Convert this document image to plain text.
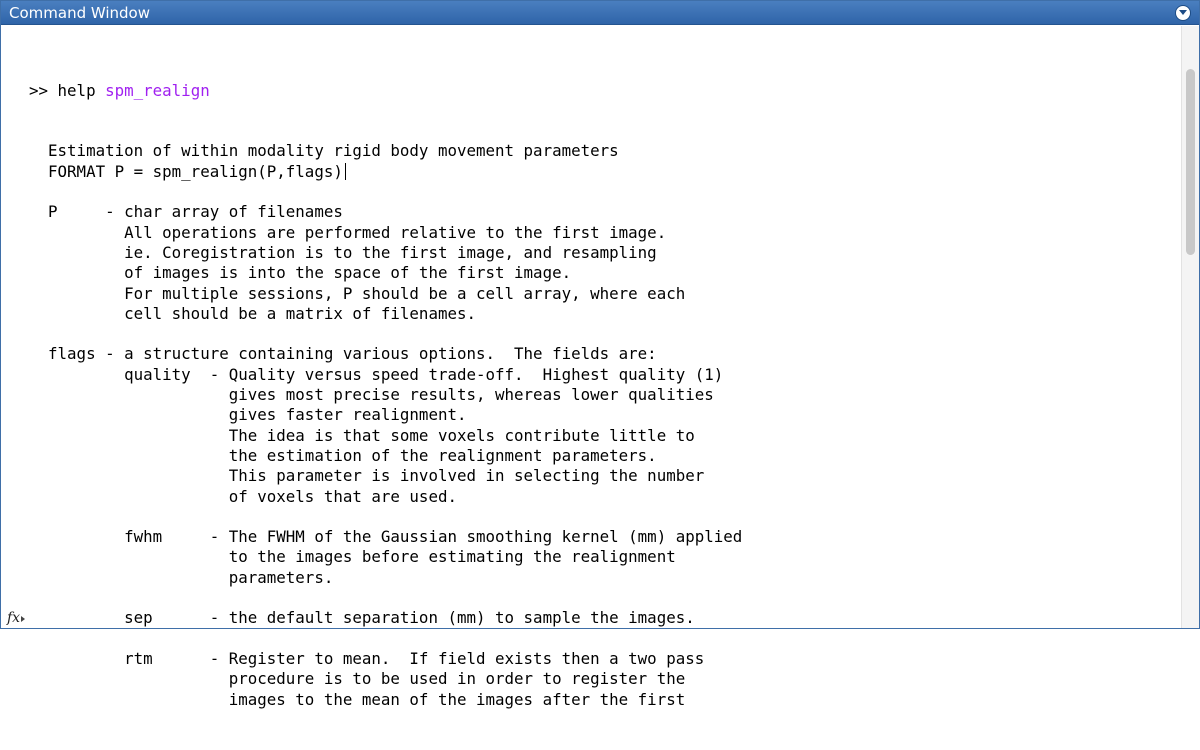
Command Window
fx

>> help spm_realign

Estimation of within modality rigid body movement parameters
FORMAT P = spm_realign(P,flags)
P     - char array of filenames
All operations are performed relative to the first image.
ie. Coregistration is to the first image, and resampling
of images is into the space of the first image.
For multiple sessions, P should be a cell array, where each
cell should be a matrix of filenames.
flags - a structure containing various options.  The fields are:
quality  - Quality versus speed trade-off.  Highest quality (1)
gives most precise results, whereas lower qualities
gives faster realignment.
The idea is that some voxels contribute little to
the estimation of the realignment parameters.
This parameter is involved in selecting the number
of voxels that are used.
fwhm     - The FWHM of the Gaussian smoothing kernel (mm) applied
to the images before estimating the realignment
parameters.
sep      - the default separation (mm) to sample the images.
rtm      - Register to mean.  If field exists then a two pass
procedure is to be used in order to register the
images to the mean of the images after the first
